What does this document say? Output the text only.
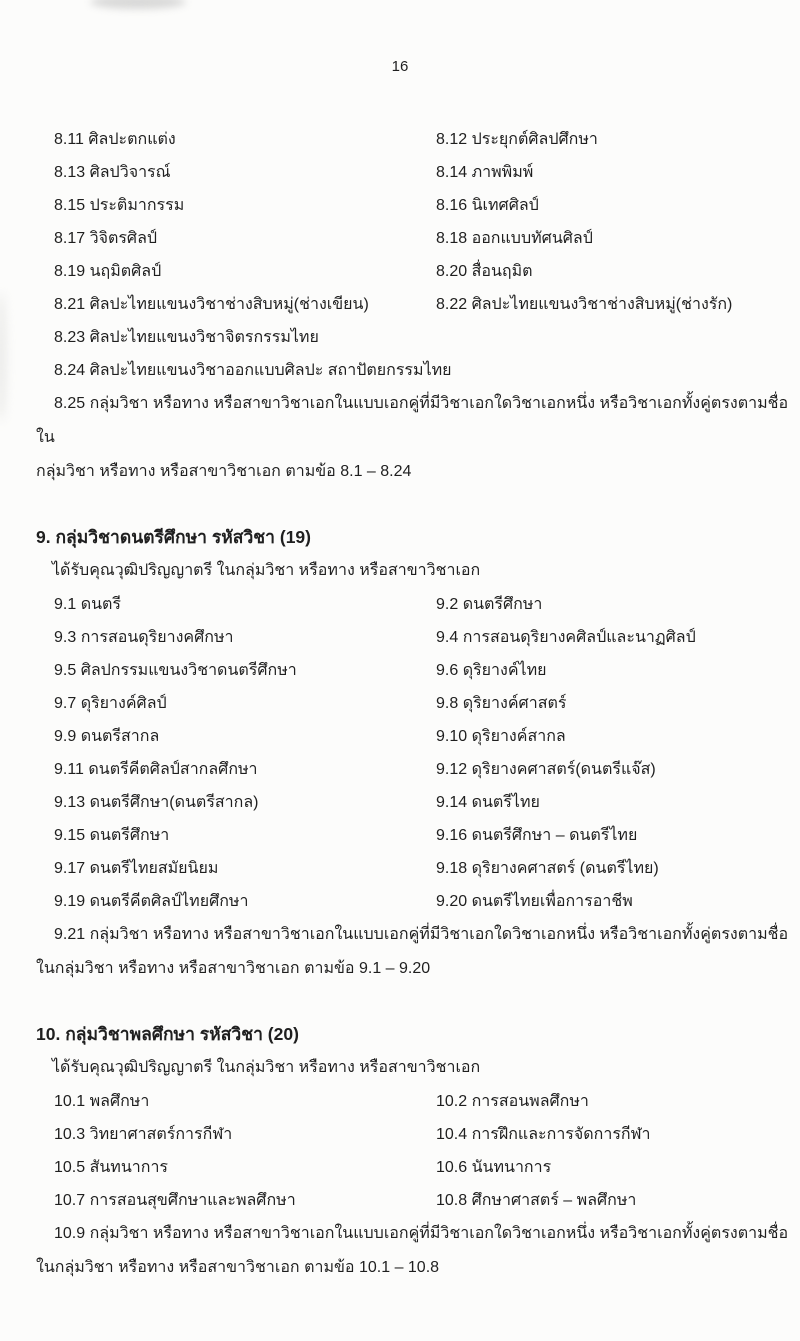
16
8.11 ศิลปะตกแต่ง	8.12 ประยุกต์ศิลปศึกษา
8.13 ศิลปวิจารณ์	8.14 ภาพพิมพ์
8.15 ประติมากรรม	8.16 นิเทศศิลป์
8.17 วิจิตรศิลป์	8.18 ออกแบบทัศนศิลป์
8.19 นฤมิตศิลป์	8.20 สื่อนฤมิต
8.21 ศิลปะไทยแขนงวิชาช่างสิบหมู่(ช่างเขียน)	8.22 ศิลปะไทยแขนงวิชาช่างสิบหมู่(ช่างรัก)
8.23 ศิลปะไทยแขนงวิชาจิตรกรรมไทย
8.24 ศิลปะไทยแขนงวิชาออกแบบศิลปะ สถาปัตยกรรมไทย
8.25 กลุ่มวิชา หรือทาง หรือสาขาวิชาเอกในแบบเอกคู่ที่มีวิชาเอกใดวิชาเอกหนึ่ง หรือวิชาเอกทั้งคู่ตรงตามชื่อใน
กลุ่มวิชา หรือทาง หรือสาขาวิชาเอก ตามข้อ 8.1 – 8.24
9. กลุ่มวิชาดนตรีศึกษา รหัสวิชา (19)
ได้รับคุณวุฒิปริญญาตรี ในกลุ่มวิชา หรือทาง หรือสาขาวิชาเอก
9.1 ดนตรี	9.2 ดนตรีศึกษา
9.3 การสอนดุริยางคศึกษา	9.4 การสอนดุริยางคศิลป์และนาฏศิลป์
9.5 ศิลปกรรมแขนงวิชาดนตรีศึกษา	9.6 ดุริยางค์ไทย
9.7 ดุริยางค์ศิลป์	9.8 ดุริยางค์ศาสตร์
9.9 ดนตรีสากล	9.10 ดุริยางค์สากล
9.11 ดนตรีคีตศิลป์สากลศึกษา	9.12 ดุริยางคศาสตร์(ดนตรีแจ๊ส)
9.13 ดนตรีศึกษา(ดนตรีสากล)	9.14 ดนตรีไทย
9.15 ดนตรีศึกษา	9.16 ดนตรีศึกษา – ดนตรีไทย
9.17 ดนตรีไทยสมัยนิยม	9.18 ดุริยางคศาสตร์ (ดนตรีไทย)
9.19 ดนตรีคีตศิลป์ไทยศึกษา	9.20 ดนตรีไทยเพื่อการอาชีพ
9.21 กลุ่มวิชา หรือทาง หรือสาขาวิชาเอกในแบบเอกคู่ที่มีวิชาเอกใดวิชาเอกหนึ่ง หรือวิชาเอกทั้งคู่ตรงตามชื่อ
ในกลุ่มวิชา หรือทาง หรือสาขาวิชาเอก ตามข้อ 9.1 – 9.20
10. กลุ่มวิชาพลศึกษา รหัสวิชา (20)
ได้รับคุณวุฒิปริญญาตรี ในกลุ่มวิชา หรือทาง หรือสาขาวิชาเอก
10.1 พลศึกษา	10.2 การสอนพลศึกษา
10.3 วิทยาศาสตร์การกีฬา	10.4 การฝึกและการจัดการกีฬา
10.5 สันทนาการ	10.6 นันทนาการ
10.7 การสอนสุขศึกษาและพลศึกษา	10.8 ศึกษาศาสตร์ – พลศึกษา
10.9 กลุ่มวิชา หรือทาง หรือสาขาวิชาเอกในแบบเอกคู่ที่มีวิชาเอกใดวิชาเอกหนึ่ง หรือวิชาเอกทั้งคู่ตรงตามชื่อ
ในกลุ่มวิชา หรือทาง หรือสาขาวิชาเอก ตามข้อ 10.1 – 10.8
